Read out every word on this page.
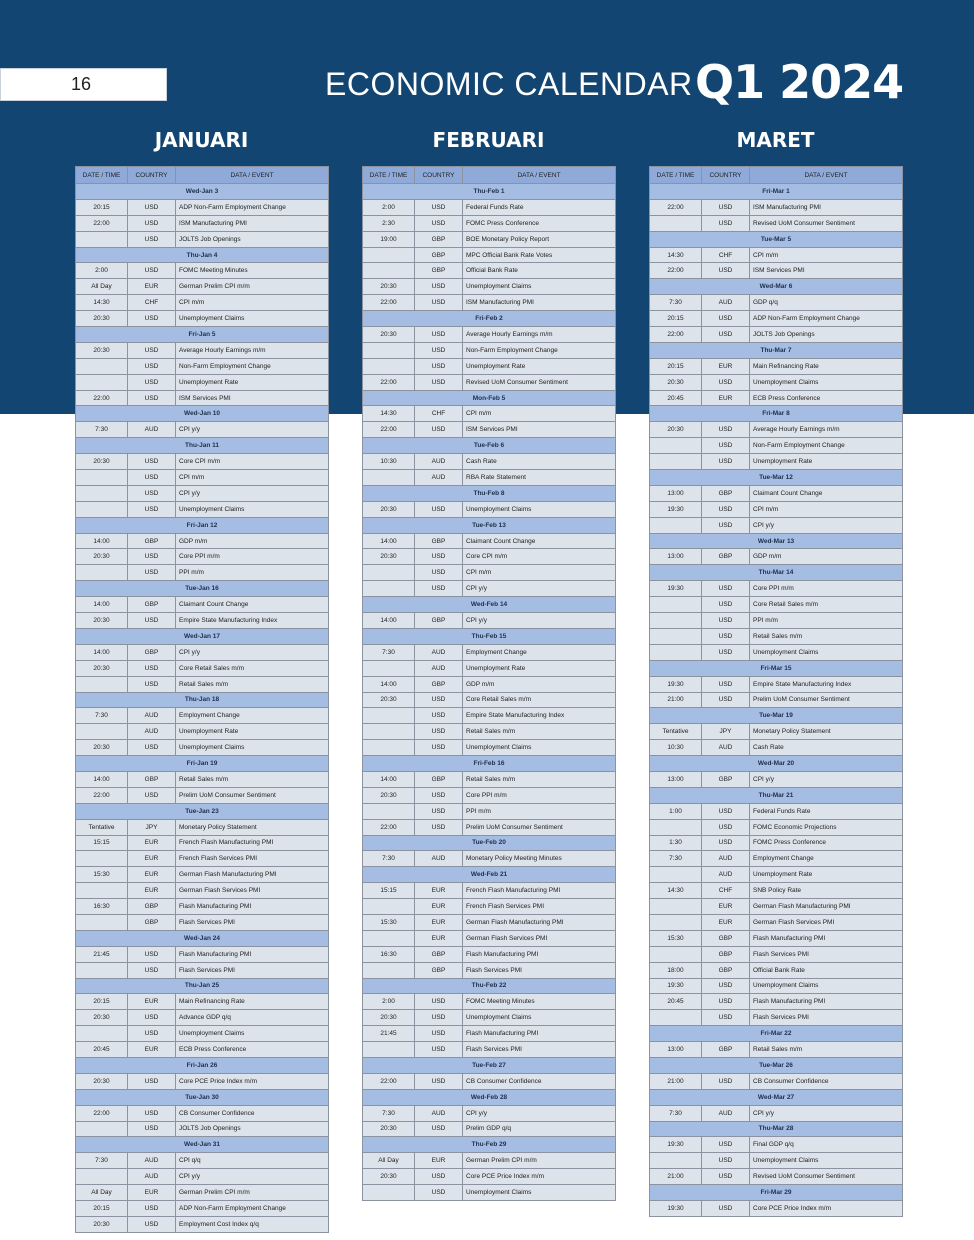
16	ECONOMIC CALENDAR Q1 2024
JANUARI	FEBRUARI	MARET
DATE / TIME	COUNTRY	DATA / EVENT
Wed-Jan 3		
20:15	USD	ADP Non-Farm Employment Change
22:00	USD	ISM Manufacturing PMI
	USD	JOLTS Job Openings
Thu-Jan 4		
2:00	USD	FOMC Meeting Minutes
All Day	EUR	German Prelim CPI m/m
14:30	CHF	CPI m/m
20:30	USD	Unemployment Claims
Fri-Jan 5		
20:30	USD	Average Hourly Earnings m/m
	USD	Non-Farm Employment Change
	USD	Unemployment Rate
22:00	USD	ISM Services PMI
Wed-Jan 10		
7:30	AUD	CPI y/y
Thu-Jan 11		
20:30	USD	Core CPI m/m
	USD	CPI m/m
	USD	CPI y/y
	USD	Unemployment Claims
Fri-Jan 12		
14:00	GBP	GDP m/m
20:30	USD	Core PPI m/m
	USD	PPI m/m
Tue-Jan 16		
14:00	GBP	Claimant Count Change
20:30	USD	Empire State Manufacturing Index
Wed-Jan 17		
14:00	GBP	CPI y/y
20:30	USD	Core Retail Sales m/m
	USD	Retail Sales m/m
Thu-Jan 18		
7:30	AUD	Employment Change
	AUD	Unemployment Rate
20:30	USD	Unemployment Claims
Fri-Jan 19		
14:00	GBP	Retail Sales m/m
22:00	USD	Prelim UoM Consumer Sentiment
Tue-Jan 23		
Tentative	JPY	Monetary Policy Statement
15:15	EUR	French Flash Manufacturing PMI
	EUR	French Flash Services PMI
15:30	EUR	German Flash Manufacturing PMI
	EUR	German Flash Services PMI
16:30	GBP	Flash Manufacturing PMI
	GBP	Flash Services PMI
Wed-Jan 24		
21:45	USD	Flash Manufacturing PMI
	USD	Flash Services PMI
Thu-Jan 25		
20:15	EUR	Main Refinancing Rate
20:30	USD	Advance GDP q/q
	USD	Unemployment Claims
20:45	EUR	ECB Press Conference
Fri-Jan 26		
20:30	USD	Core PCE Price Index m/m
Tue-Jan 30		
22:00	USD	CB Consumer Confidence
	USD	JOLTS Job Openings
Wed-Jan 31		
7:30	AUD	CPI q/q
	AUD	CPI y/y
All Day	EUR	German Prelim CPI m/m
20:15	USD	ADP Non-Farm Employment Change
20:30	USD	Employment Cost Index q/q
DATE / TIME	COUNTRY	DATA / EVENT
Thu-Feb 1		
2:00	USD	Federal Funds Rate
2:30	USD	FOMC Press Conference
19:00	GBP	BOE Monetary Policy Report
	GBP	MPC Official Bank Rate Votes
	GBP	Official Bank Rate
20:30	USD	Unemployment Claims
22:00	USD	ISM Manufacturing PMI
Fri-Feb 2		
20:30	USD	Average Hourly Earnings m/m
	USD	Non-Farm Employment Change
	USD	Unemployment Rate
22:00	USD	Revised UoM Consumer Sentiment
Mon-Feb 5		
14:30	CHF	CPI m/m
22:00	USD	ISM Services PMI
Tue-Feb 6		
10:30	AUD	Cash Rate
	AUD	RBA Rate Statement
Thu-Feb 8		
20:30	USD	Unemployment Claims
Tue-Feb 13		
14:00	GBP	Claimant Count Change
20:30	USD	Core CPI m/m
	USD	CPI m/m
	USD	CPI y/y
Wed-Feb 14		
14:00	GBP	CPI y/y
Thu-Feb 15		
7:30	AUD	Employment Change
	AUD	Unemployment Rate
14:00	GBP	GDP m/m
20:30	USD	Core Retail Sales m/m
	USD	Empire State Manufacturing Index
	USD	Retail Sales m/m
	USD	Unemployment Claims
Fri-Feb 16		
14:00	GBP	Retail Sales m/m
20:30	USD	Core PPI m/m
	USD	PPI m/m
22:00	USD	Prelim UoM Consumer Sentiment
Tue-Feb 20		
7:30	AUD	Monetary Policy Meeting Minutes
Wed-Feb 21		
15:15	EUR	French Flash Manufacturing PMI
	EUR	French Flash Services PMI
15:30	EUR	German Flash Manufacturing PMI
	EUR	German Flash Services PMI
16:30	GBP	Flash Manufacturing PMI
	GBP	Flash Services PMI
Thu-Feb 22		
2:00	USD	FOMC Meeting Minutes
20:30	USD	Unemployment Claims
21:45	USD	Flash Manufacturing PMI
	USD	Flash Services PMI
Tue-Feb 27		
22:00	USD	CB Consumer Confidence
Wed-Feb 28		
7:30	AUD	CPI y/y
20:30	USD	Prelim GDP q/q
Thu-Feb 29		
All Day	EUR	German Prelim CPI m/m
20:30	USD	Core PCE Price Index m/m
	USD	Unemployment Claims
DATE / TIME	COUNTRY	DATA / EVENT
Fri-Mar 1		
22:00	USD	ISM Manufacturing PMI
	USD	Revised UoM Consumer Sentiment
Tue-Mar 5		
14:30	CHF	CPI m/m
22:00	USD	ISM Services PMI
Wed-Mar 6		
7:30	AUD	GDP q/q
20:15	USD	ADP Non-Farm Employment Change
22:00	USD	JOLTS Job Openings
Thu-Mar 7		
20:15	EUR	Main Refinancing Rate
20:30	USD	Unemployment Claims
20:45	EUR	ECB Press Conference
Fri-Mar 8		
20:30	USD	Average Hourly Earnings m/m
	USD	Non-Farm Employment Change
	USD	Unemployment Rate
Tue-Mar 12		
13:00	GBP	Claimant Count Change
19:30	USD	CPI m/m
	USD	CPI y/y
Wed-Mar 13		
13:00	GBP	GDP m/m
Thu-Mar 14		
19:30	USD	Core PPI m/m
	USD	Core Retail Sales m/m
	USD	PPI m/m
	USD	Retail Sales m/m
	USD	Unemployment Claims
Fri-Mar 15		
19:30	USD	Empire State Manufacturing Index
21:00	USD	Prelim UoM Consumer Sentiment
Tue-Mar 19		
Tentative	JPY	Monetary Policy Statement
10:30	AUD	Cash Rate
Wed-Mar 20		
13:00	GBP	CPI y/y
Thu-Mar 21		
1:00	USD	Federal Funds Rate
	USD	FOMC Economic Projections
1:30	USD	FOMC Press Conference
7:30	AUD	Employment Change
	AUD	Unemployment Rate
14:30	CHF	SNB Policy Rate
	EUR	German Flash Manufacturing PMI
	EUR	German Flash Services PMI
15:30	GBP	Flash Manufacturing PMI
	GBP	Flash Services PMI
18:00	GBP	Official Bank Rate
19:30	USD	Unemployment Claims
20:45	USD	Flash Manufacturing PMI
	USD	Flash Services PMI
Fri-Mar 22		
13:00	GBP	Retail Sales m/m
Tue-Mar 26		
21:00	USD	CB Consumer Confidence
Wed-Mar 27		
7:30	AUD	CPI y/y
Thu-Mar 28		
19:30	USD	Final GDP q/q
	USD	Unemployment Claims
21:00	USD	Revised UoM Consumer Sentiment
Fri-Mar 29		
19:30	USD	Core PCE Price Index m/m
